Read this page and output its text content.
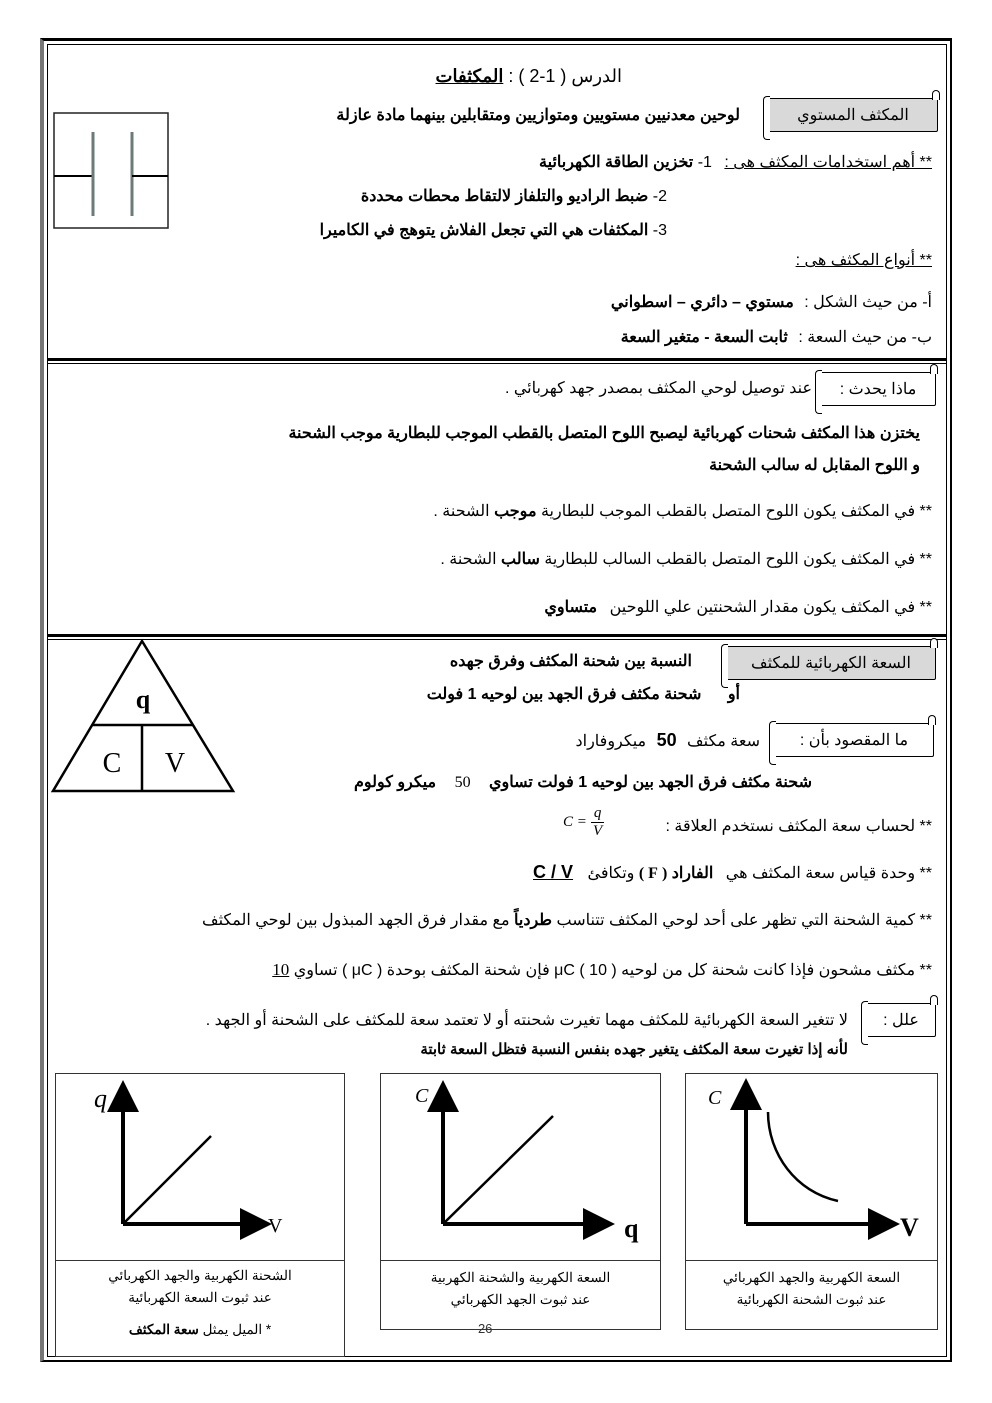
الدرس ( 1-2 ) : المكثفات
المكثف المستوي
لوحين معدنيين مستويين ومتوازيين ومتقابلين بينهما مادة عازلة
** أهم استخدامات المكثف هى : 1- تخزين الطاقة الكهربائية
2- ضبط الراديو والتلفاز لالتقاط محطات محددة
3- المكثفات هي التي تجعل الفلاش يتوهج في الكاميرا
** أنواع المكثف هى :
أ- من حيث الشكل : مستوي – دائري – اسطواني
ب- من حيث السعة : ثابت السعة - متغير السعة
ماذا يحدث :
عند توصيل لوحي المكثف بمصدر جهد كهربائي .
يختزن هذا المكثف شحنات كهربائية ليصبح اللوح المتصل بالقطب الموجب للبطارية موجب الشحنة
و اللوح المقابل له سالب الشحنة
** في المكثف يكون اللوح المتصل بالقطب الموجب للبطارية موجب الشحنة .
** في المكثف يكون اللوح المتصل بالقطب السالب للبطارية سالب الشحنة .
** في المكثف يكون مقدار الشحنتين علي اللوحين متساوي
q
C V
السعة الكهربائية للمكثف
النسبة بين شحنة المكثف وفرق جهده
أو شحنة مكثف فرق الجهد بين لوحيه 1 فولت
ما المقصود بأن :
سعة مكثف 50 ميكروفاراد
شحنة مكثف فرق الجهد بين لوحيه 1 فولت تساوي 50 ميكرو كولوم
** لحساب سعة المكثف نستخدم العلاقة :
$C = \frac{q}{V}$
** وحدة قياس سعة المكثف هي الفاراد ( F ) وتكافئ C / V
** كمية الشحنة التي تظهر على أحد لوحي المكثف تتناسب طردياً مع مقدار فرق الجهد المبذول بين لوحي المكثف
** مكثف مشحون فإذا كانت شحنة كل من لوحيه μC ( 10 ) فإن شحنة المكثف بوحدة ( μC ) تساوي 10
علل :
لا تتغير السعة الكهربائية للمكثف مهما تغيرت شحنته أو لا تعتمد سعة للمكثف على الشحنة أو الجهد .
لأنه إذا تغيرت سعة المكثف يتغير جهده بنفس النسبة فتظل السعة ثابتة
q
V
الشحنة الكهربية والجهد الكهربائي
عند ثبوت السعة الكهربائية
* الميل يمثل سعة المكثف
C
q
السعة الكهربية والشحنة الكهربية
عند ثبوت الجهد الكهربائي
C
V
السعة الكهربية والجهد الكهربائي
عند ثبوت الشحنة الكهربائية
- 26 -
